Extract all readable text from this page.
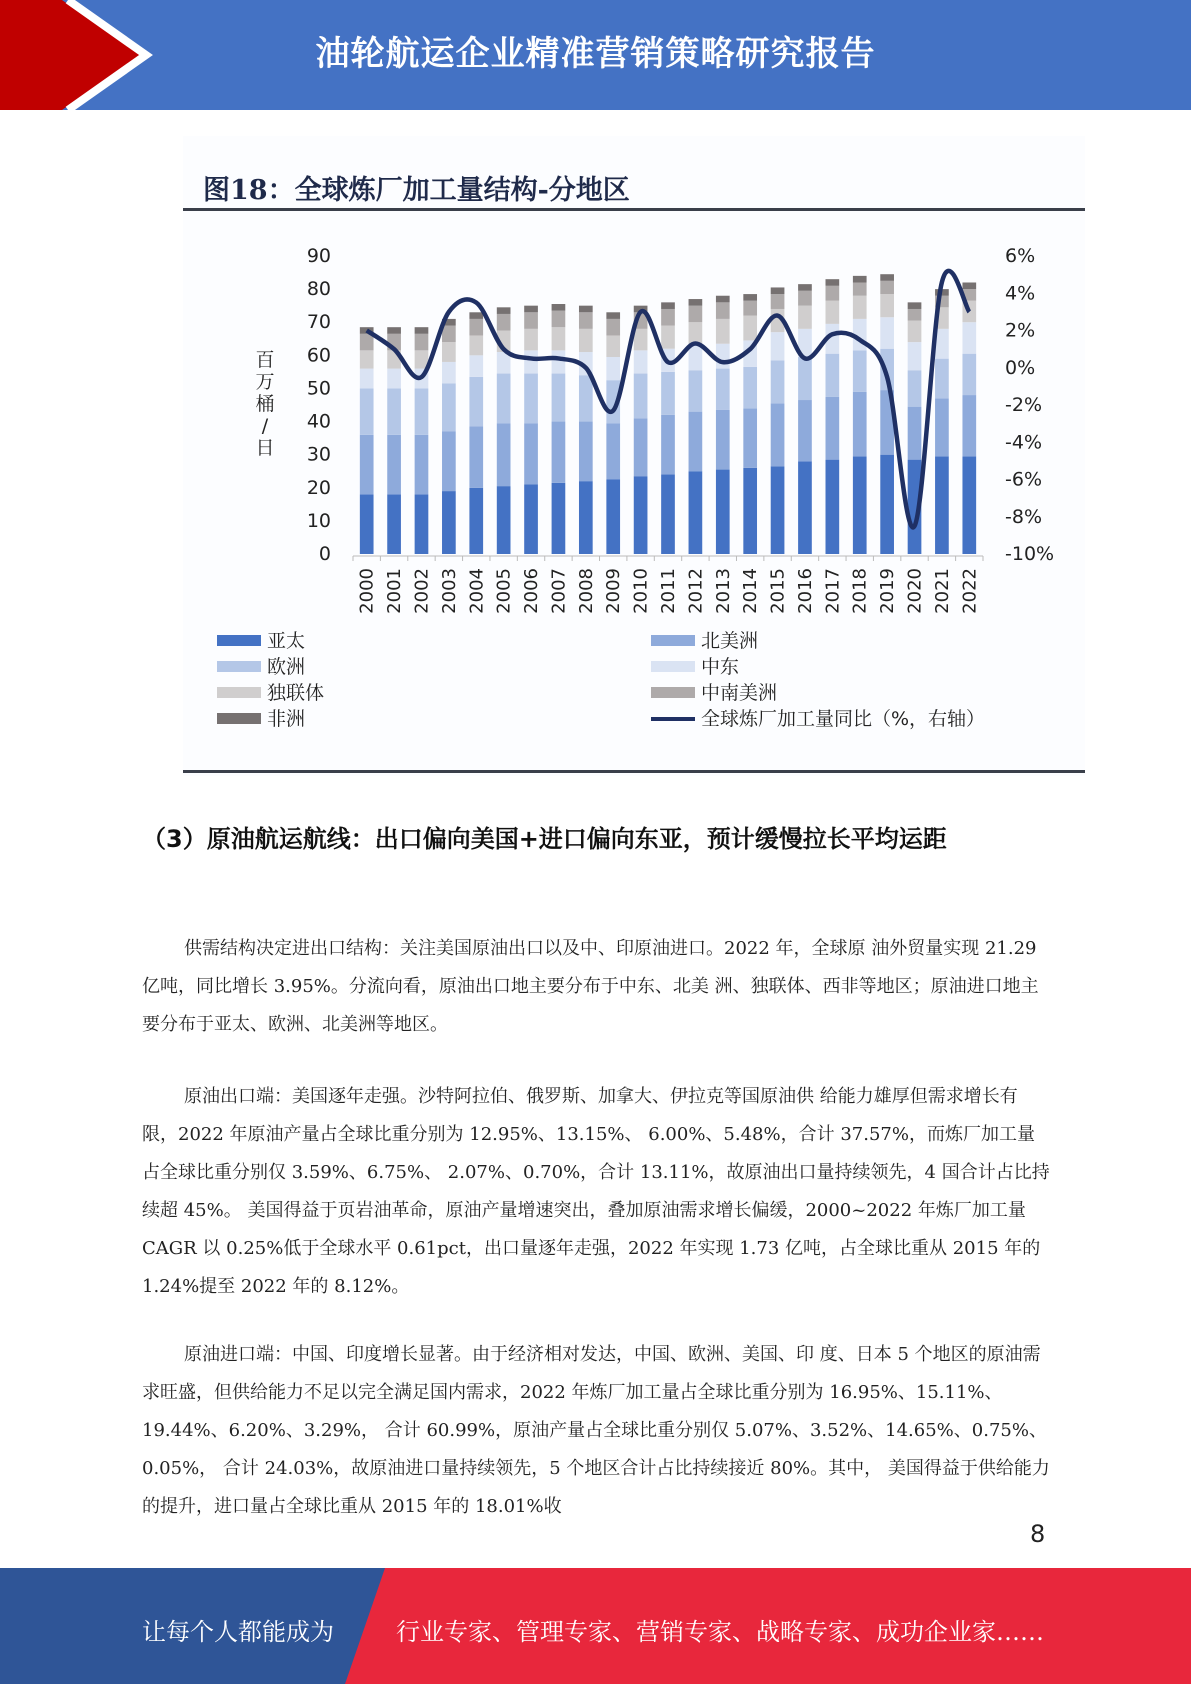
油轮航运企业精准营销策略研究报告
图18：全球炼厂加工量结构-分地区
90
80
70
60
50
40
30
20
10
0
6%
4%
2%
0%
-2%
-4%
-6%
-8%
-10%
百
万
桶
/
日
2000 2001 2002 2003 2004 2005 2006 2007 2008 2009 2010 2011 2012 2013 2014 2015 2016 2017 2018 2019 2020 2021 2022
亚太	北美洲
欧洲	中东
独联体	中南美洲
非洲	全球炼厂加工量同比（%，右轴）
（3）原油航运航线：出口偏向美国+进口偏向东亚，预计缓慢拉长平均运距

供需结构决定进出口结构：关注美国原油出口以及中、印原油进口。2022 年，全球原 油外贸量实现 21.29 亿吨，同比增长 3.95%。分流向看，原油出口地主要分布于中东、北美 洲、独联体、西非等地区；原油进口地主要分布于亚太、欧洲、北美洲等地区。

原油出口端：美国逐年走强。沙特阿拉伯、俄罗斯、加拿大、伊拉克等国原油供 给能力雄厚但需求增长有限，2022 年原油产量占全球比重分别为 12.95%、13.15%、 6.00%、5.48%，合计 37.57%，而炼厂加工量占全球比重分别仅 3.59%、6.75%、 2.07%、0.70%，合计 13.11%，故原油出口量持续领先，4 国合计占比持续超 45%。 美国得益于页岩油革命，原油产量增速突出，叠加原油需求增长偏缓，2000~2022 年炼厂加工量 CAGR 以 0.25%低于全球水平 0.61pct，出口量逐年走强，2022 年实现 1.73 亿吨，占全球比重从 2015 年的 1.24%提至 2022 年的 8.12%。

原油进口端：中国、印度增长显著。由于经济相对发达，中国、欧洲、美国、印 度、日本 5 个地区的原油需求旺盛，但供给能力不足以完全满足国内需求，2022 年炼厂加工量占全球比重分别为 16.95%、15.11%、19.44%、6.20%、3.29%， 合计 60.99%，原油产量占全球比重分别仅 5.07%、3.52%、14.65%、0.75%、0.05%， 合计 24.03%，故原油进口量持续领先，5 个地区合计占比持续接近 80%。其中， 美国得益于供给能力的提升，进口量占全球比重从 2015 年的 18.01%收

8
让每个人都能成为	行业专家、管理专家、营销专家、战略专家、成功企业家……
